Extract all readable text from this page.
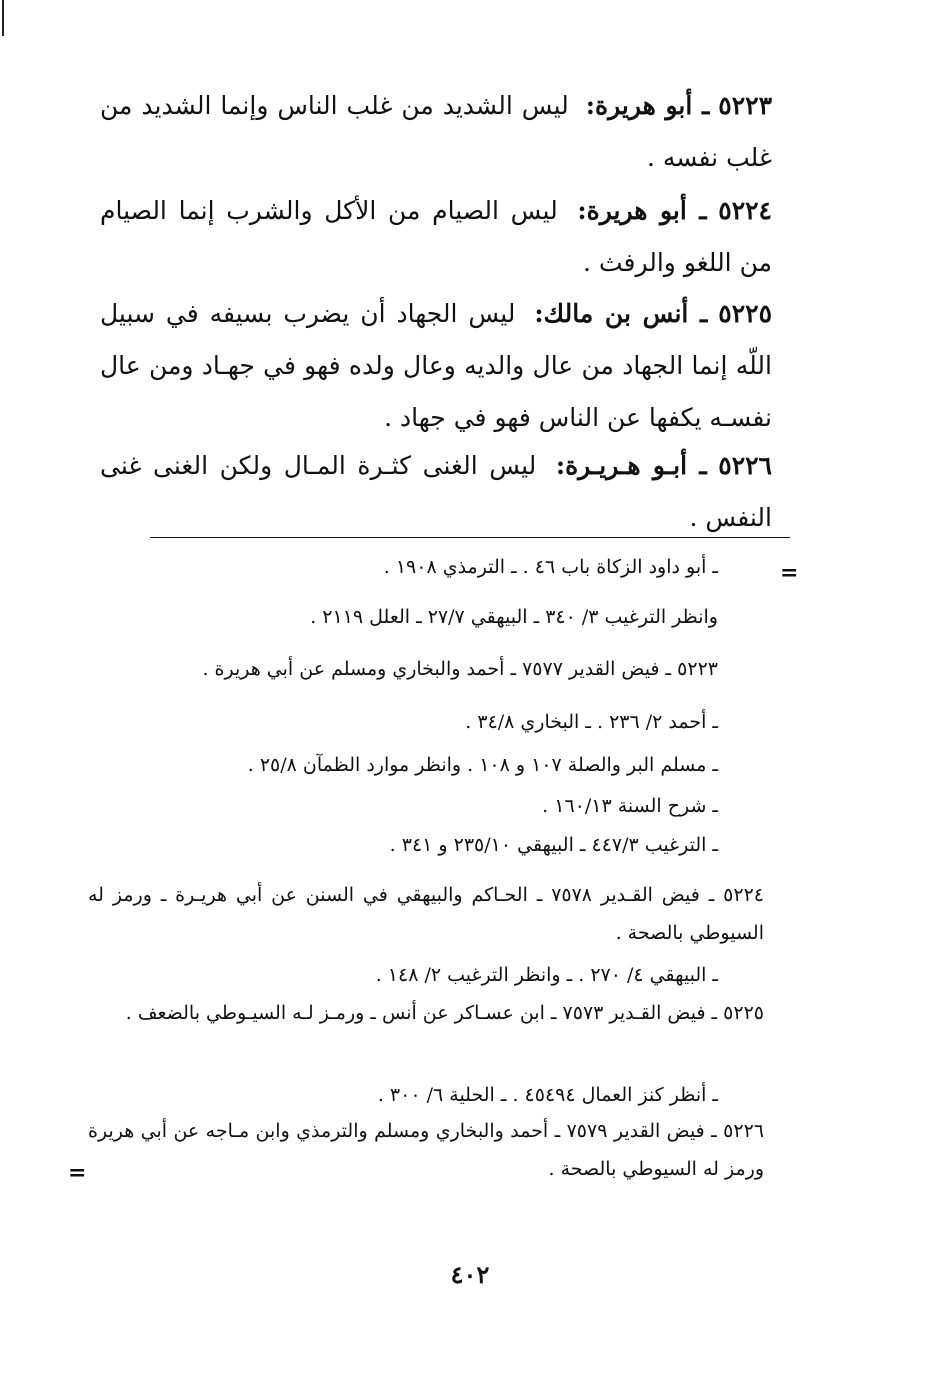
٥٢٢٣ ـ أبو هريرة: ليس الشديد من غلب الناس وإنما الشديد من غلب نفسه .
٥٢٢٤ ـ أبو هريرة: ليس الصيام من الأكل والشرب إنما الصيام من اللغو والرفث .
٥٢٢٥ ـ أنس بن مالك: ليس الجهاد أن يضرب بسيفه في سبيل اللّه إنما الجهاد من عال والديه وعال ولده فهو في جهـاد ومن عال نفسـه يكفها عن الناس فهو في جهاد .
٥٢٢٦ ـ أبـو هـريـرة: ليس الغنى كثـرة المـال ولكن الغنى غنى النفس .
ـ أبو داود الزكاة باب ٤٦ . ـ الترمذي ١٩٠٨ .
وانظر الترغيب ٣/ ٣٤٠ ـ البيهقي ٢٧/٧ ـ العلل ٢١١٩ .
٥٢٢٣ ـ فيض القدير ٧٥٧٧ ـ أحمد والبخاري ومسلم عن أبي هريرة .
ـ أحمد ٢/ ٢٣٦ . ـ البخاري ٣٤/٨ .
ـ مسلم البر والصلة ١٠٧ و ١٠٨ . وانظر موارد الظمآن ٢٥/٨ .
ـ شرح السنة ١٦٠/١٣ .
ـ الترغيب ٤٤٧/٣ ـ البيهقي ٢٣٥/١٠ و ٣٤١ .
٥٢٢٤ ـ فيض القـدير ٧٥٧٨ ـ الحـاكم والبيهقي في السنن عن أبي هريـرة ـ ورمز له السيوطي بالصحة .
ـ البيهقي ٤/ ٢٧٠ . ـ وانظر الترغيب ٢/ ١٤٨ .
٥٢٢٥ ـ فيض القـدير ٧٥٧٣ ـ ابن عسـاكر عن أنس ـ ورمـز لـه السيـوطي بالضعف .
ـ أنظر كنز العمال ٤٥٤٩٤ . ـ الحلية ٦/ ٣٠٠ .
٥٢٢٦ ـ فيض القدير ٧٥٧٩ ـ أحمد والبخاري ومسلم والترمذي وابن مـاجه عن أبي هريرة ورمز له السيوطي بالصحة .
=
=
٤٠٢
